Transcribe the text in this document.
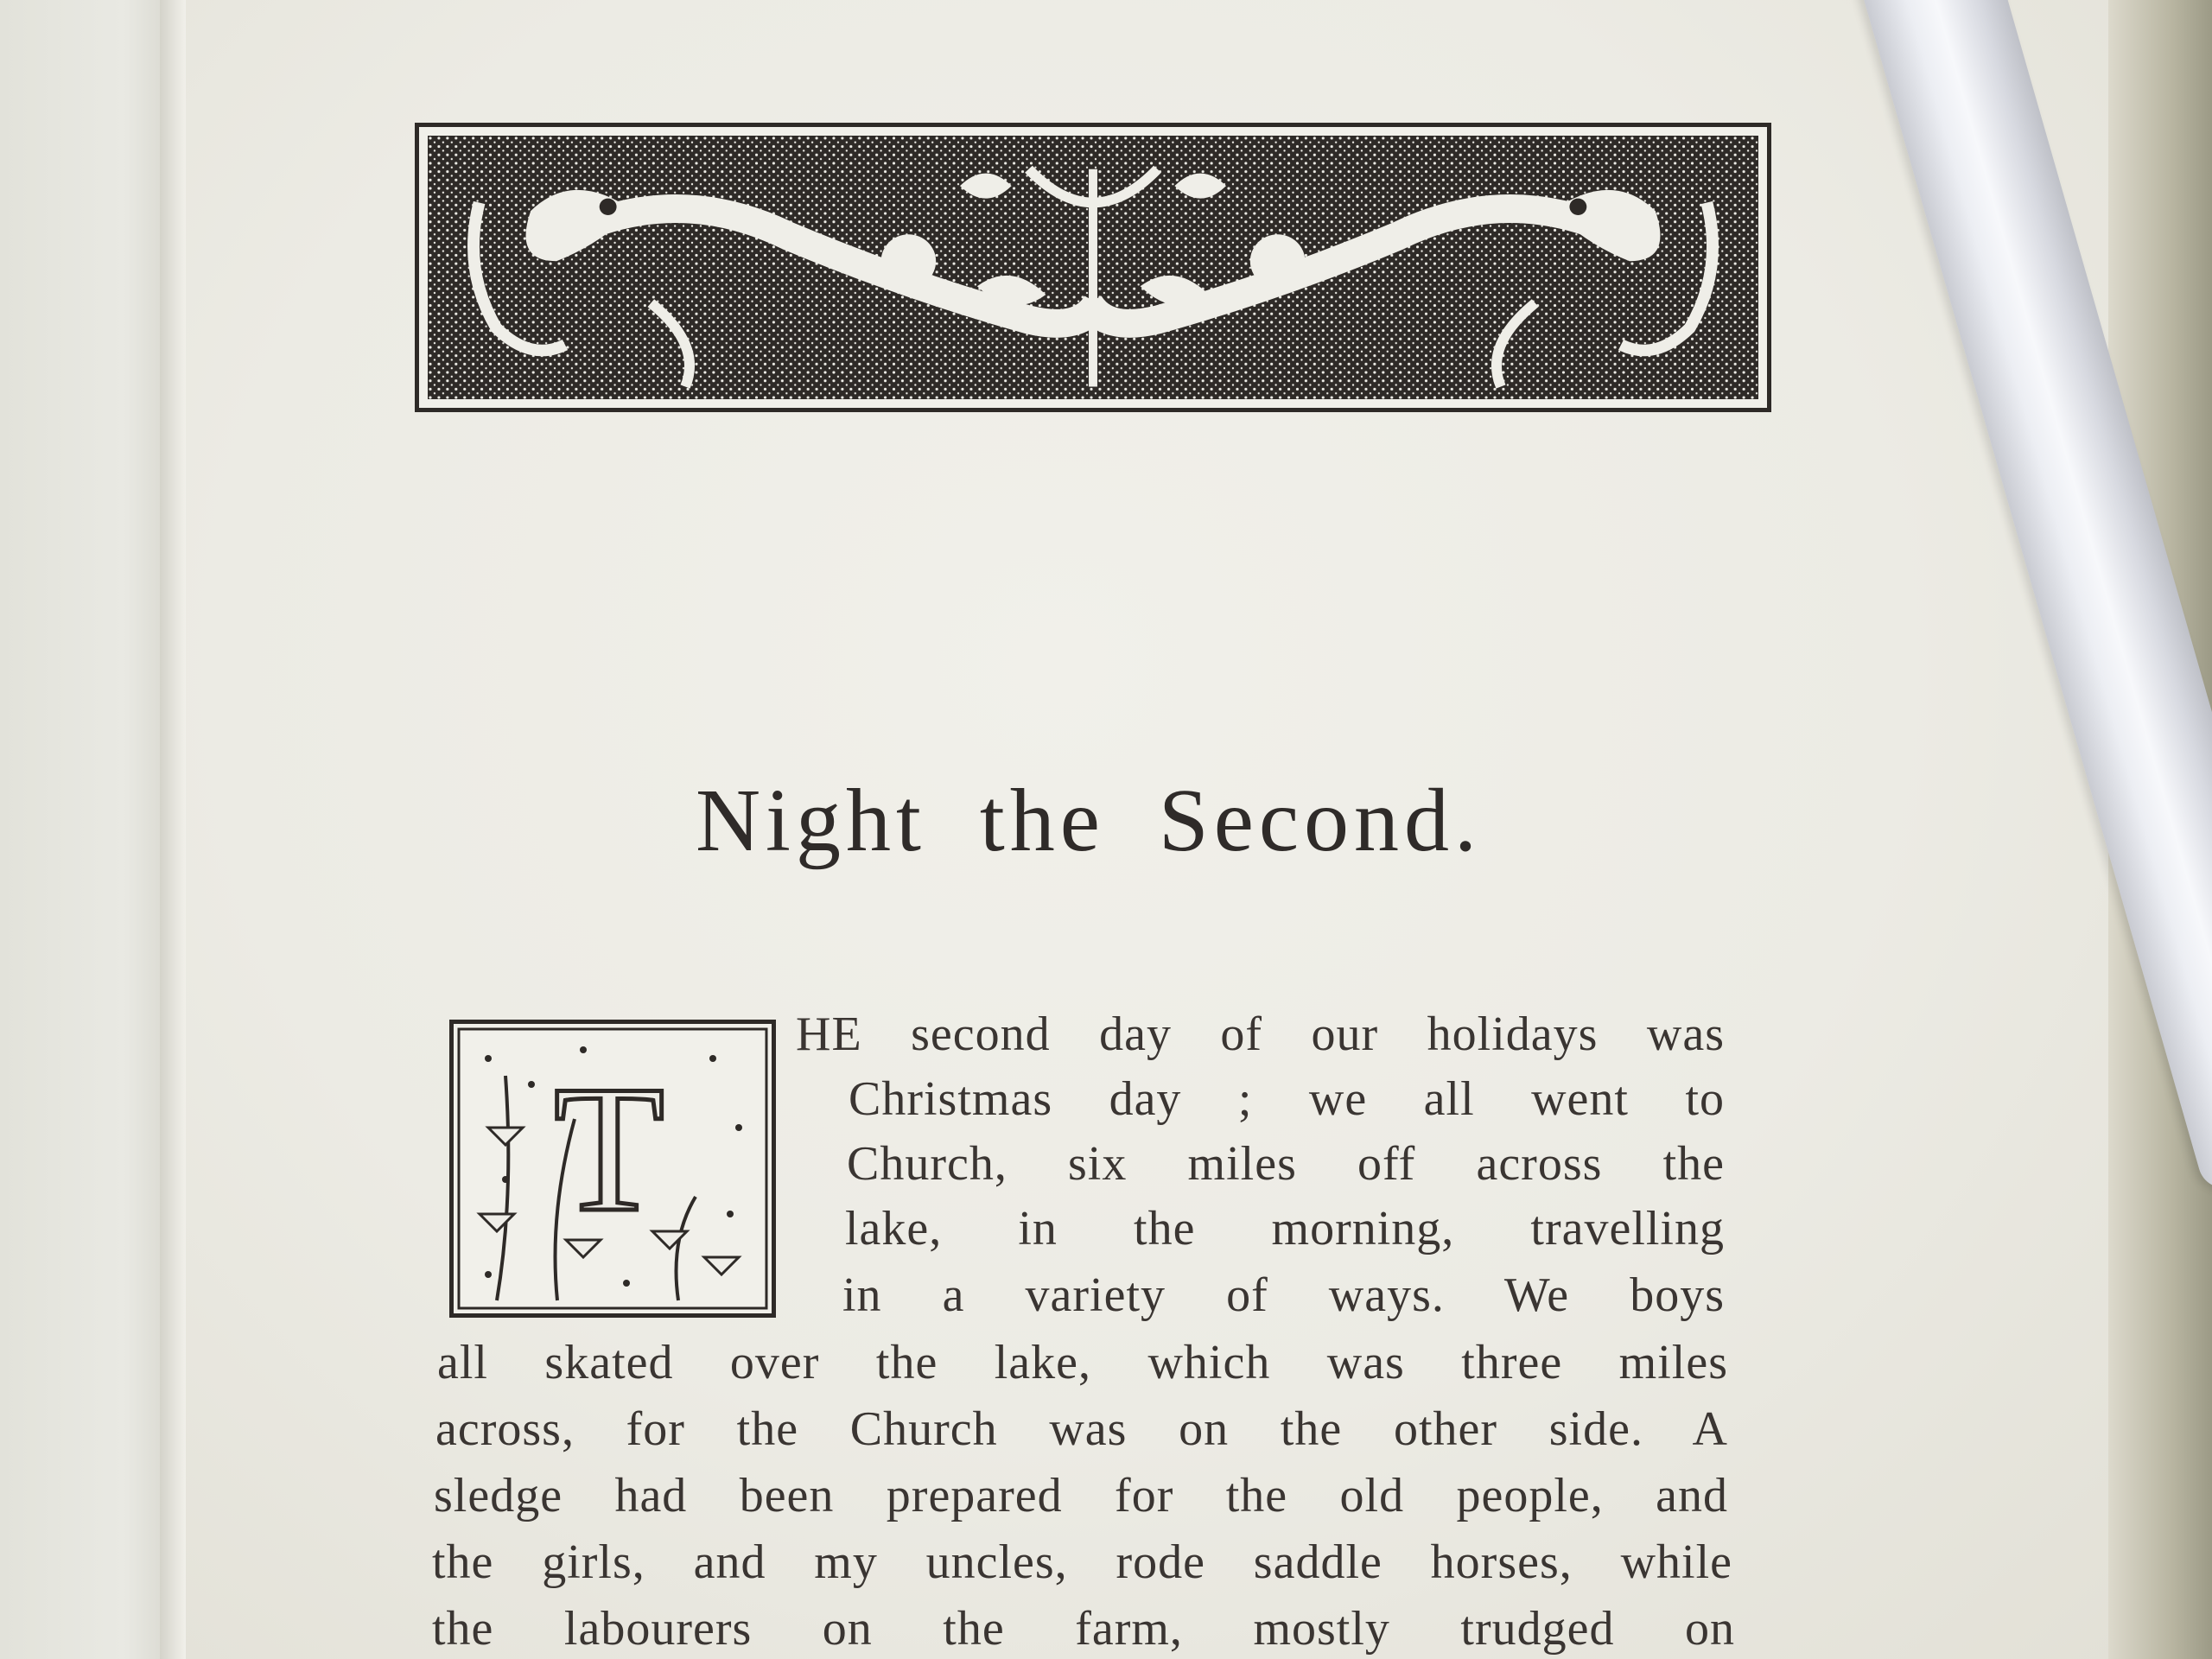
Night the Second.
T
HE second day of our holidays was
Christmas day ; we all went to
Church, six miles off across the
lake, in the morning, travelling
in a variety of ways. We boys
all skated over the lake, which was three miles
across, for the Church was on the other side. A
sledge had been prepared for the old people, and
the girls, and my uncles, rode saddle horses, while
the labourers on the farm, mostly trudged on
